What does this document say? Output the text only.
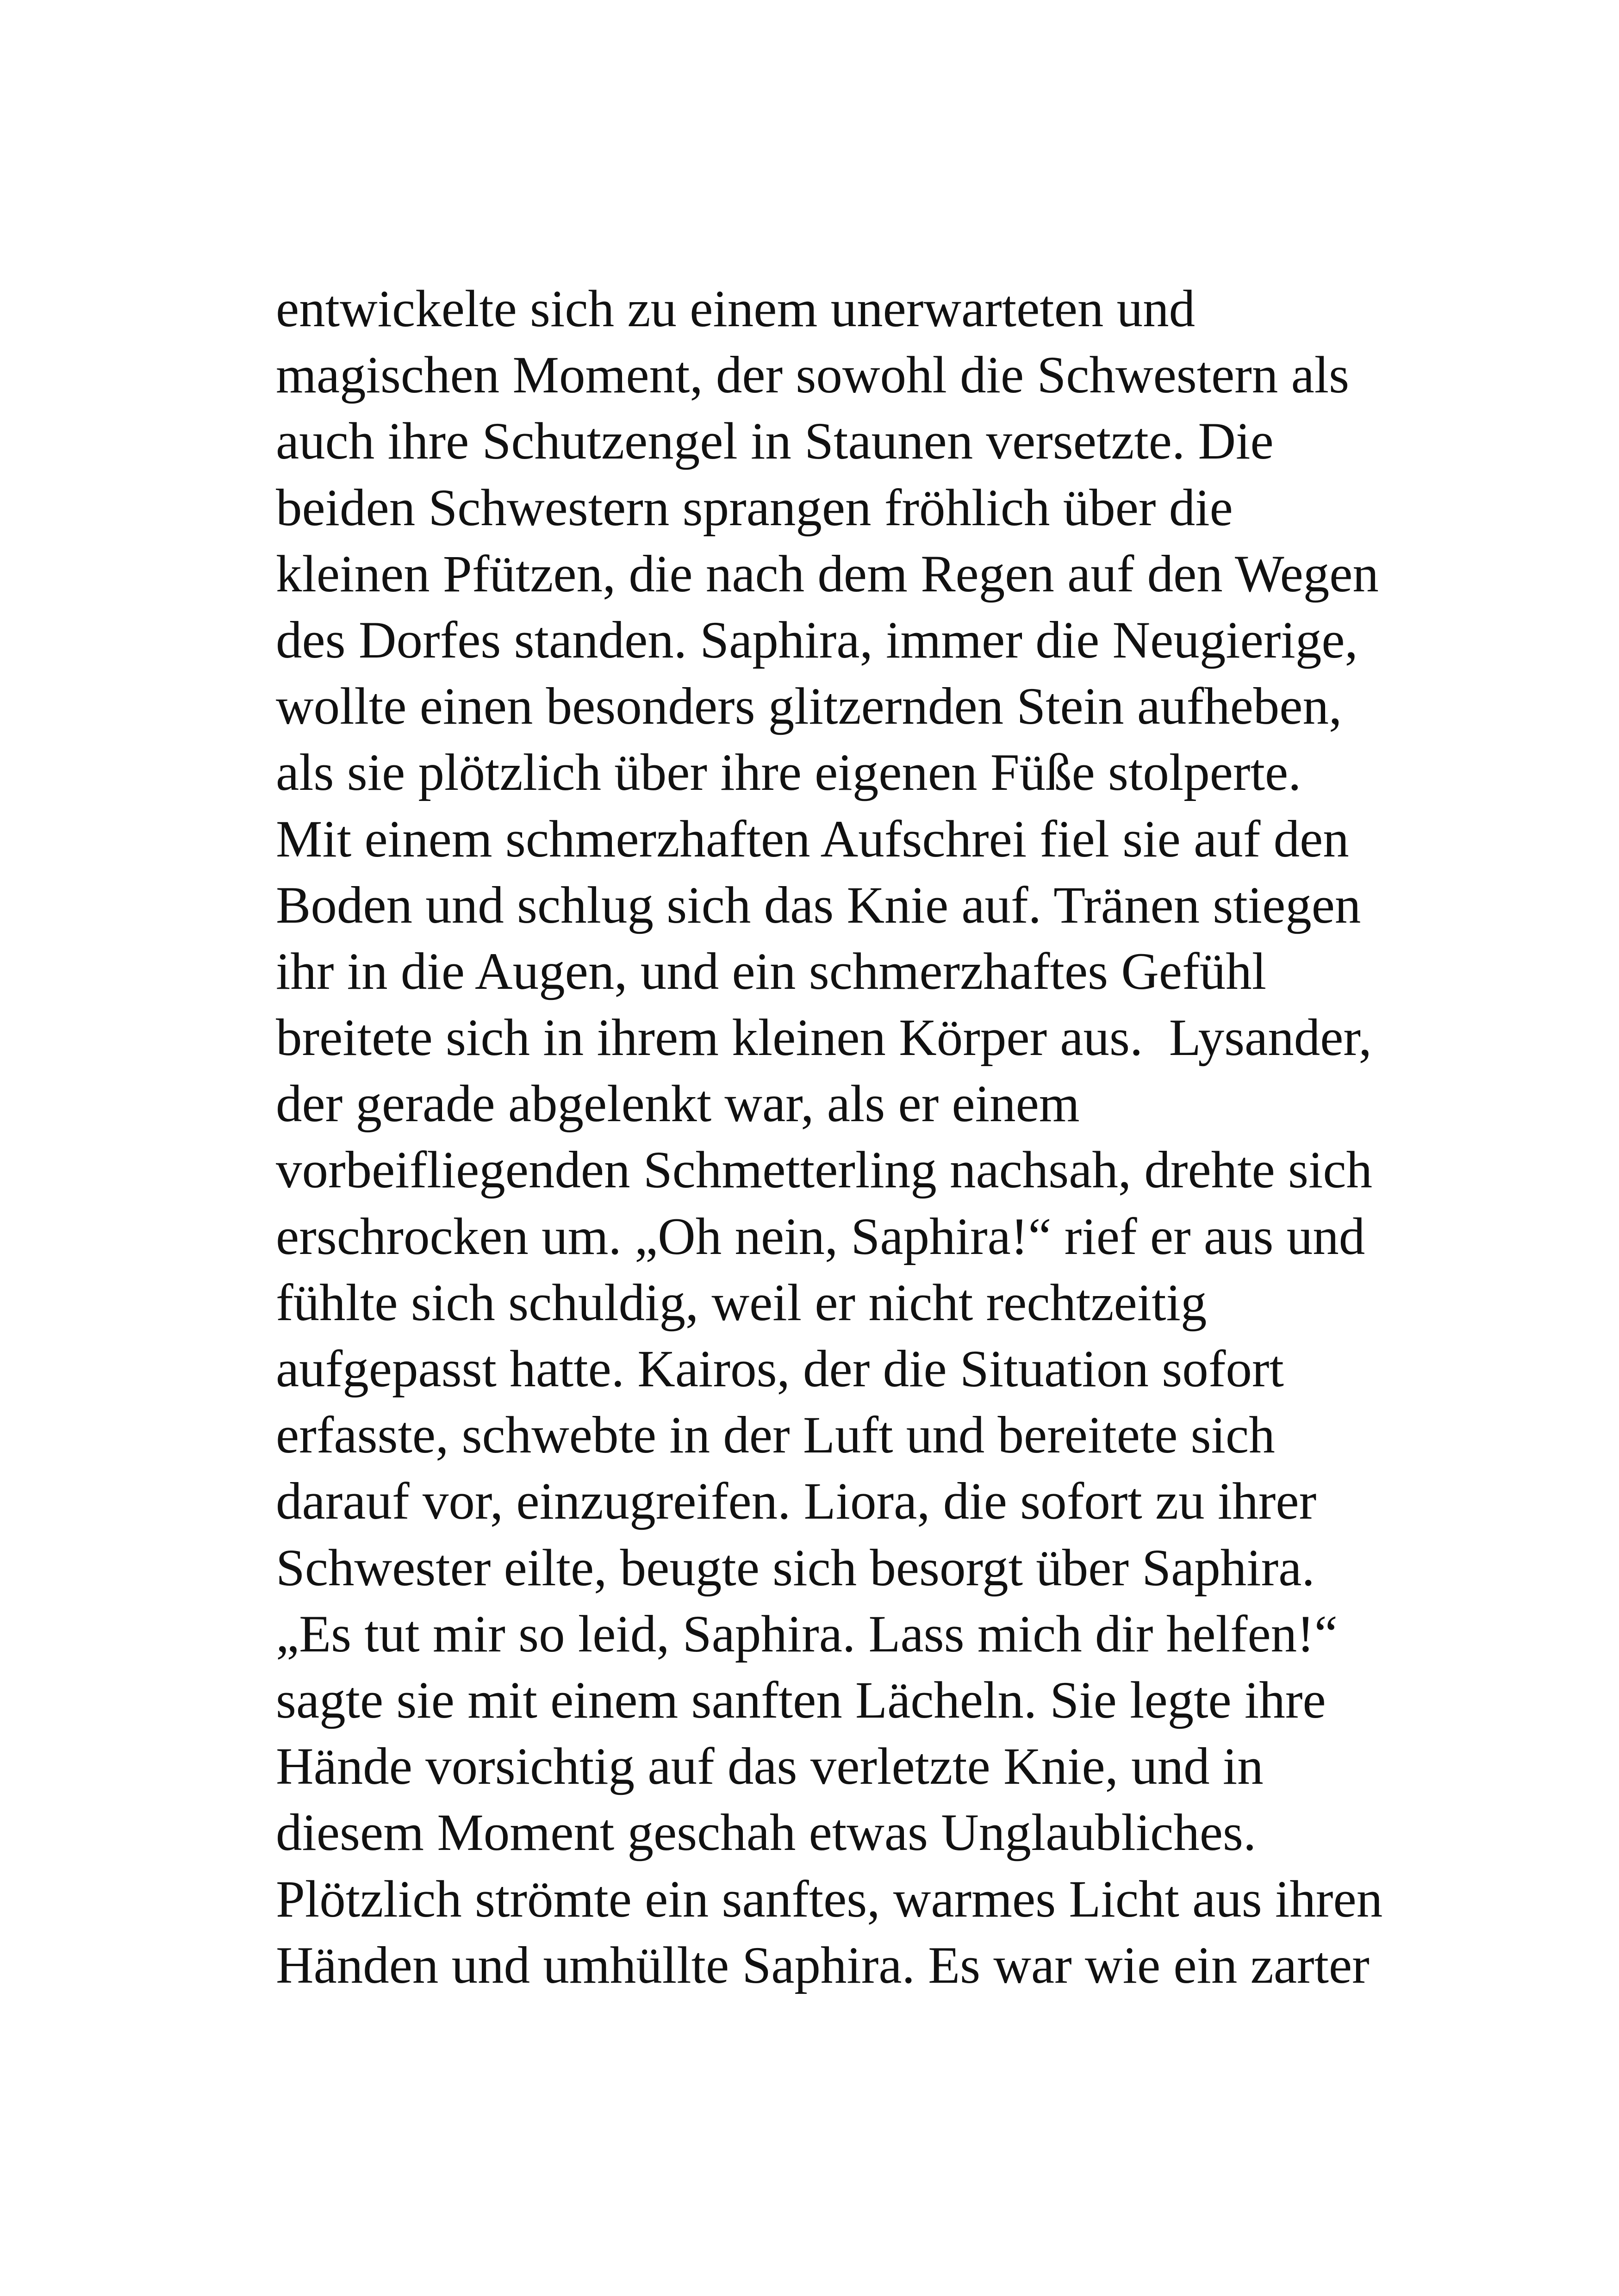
entwickelte sich zu einem unerwarteten und
magischen Moment, der sowohl die Schwestern als
auch ihre Schutzengel in Staunen versetzte. Die
beiden Schwestern sprangen fröhlich über die
kleinen Pfützen, die nach dem Regen auf den Wegen
des Dorfes standen. Saphira, immer die Neugierige,
wollte einen besonders glitzernden Stein aufheben,
als sie plötzlich über ihre eigenen Füße stolperte.
Mit einem schmerzhaften Aufschrei fiel sie auf den
Boden und schlug sich das Knie auf. Tränen stiegen
ihr in die Augen, und ein schmerzhaftes Gefühl
breitete sich in ihrem kleinen Körper aus.  Lysander,
der gerade abgelenkt war, als er einem
vorbeifliegenden Schmetterling nachsah, drehte sich
erschrocken um. „Oh nein, Saphira!“ rief er aus und
fühlte sich schuldig, weil er nicht rechtzeitig
aufgepasst hatte. Kairos, der die Situation sofort
erfasste, schwebte in der Luft und bereitete sich
darauf vor, einzugreifen. Liora, die sofort zu ihrer
Schwester eilte, beugte sich besorgt über Saphira.
„Es tut mir so leid, Saphira. Lass mich dir helfen!“
sagte sie mit einem sanften Lächeln. Sie legte ihre
Hände vorsichtig auf das verletzte Knie, und in
diesem Moment geschah etwas Unglaubliches.
Plötzlich strömte ein sanftes, warmes Licht aus ihren
Händen und umhüllte Saphira. Es war wie ein zarter
